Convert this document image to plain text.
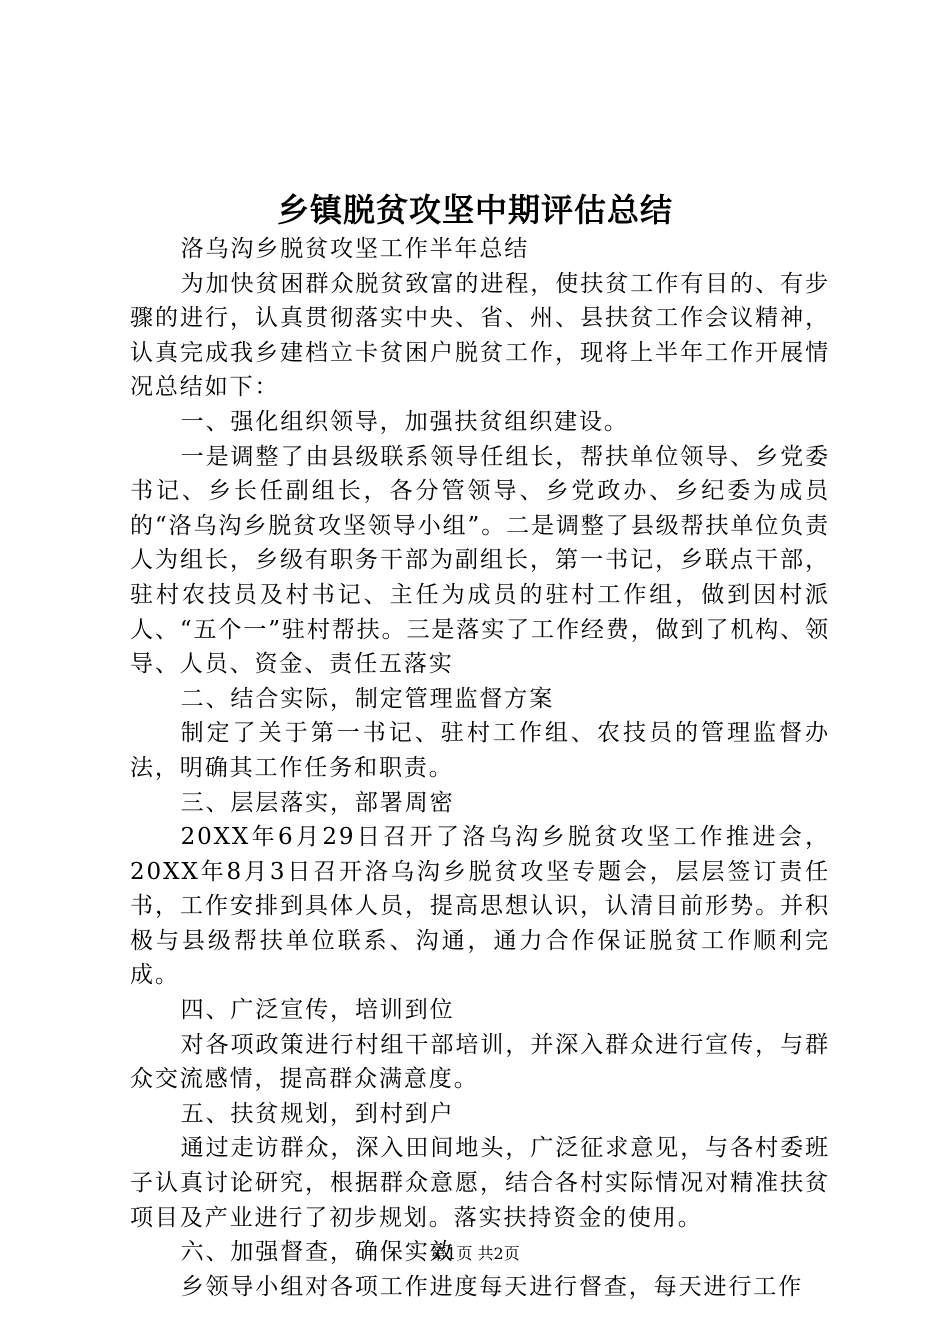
乡镇脱贫攻坚中期评估总结

洛乌沟乡脱贫攻坚工作半年总结

为加快贫困群众脱贫致富的进程，使扶贫工作有目的、有步骤的进行，认真贯彻落实中央、省、州、县扶贫工作会议精神，认真完成我乡建档立卡贫困户脱贫工作，现将上半年工作开展情况总结如下：

一、强化组织领导，加强扶贫组织建设。

一是调整了由县级联系领导任组长，帮扶单位领导、乡党委书记、乡长任副组长，各分管领导、乡党政办、乡纪委为成员的“洛乌沟乡脱贫攻坚领导小组”。二是调整了县级帮扶单位负责人为组长，乡级有职务干部为副组长，第一书记，乡联点干部，驻村农技员及村书记、主任为成员的驻村工作组，做到因村派人、“五个一”驻村帮扶。三是落实了工作经费，做到了机构、领导、人员、资金、责任五落实

二、结合实际，制定管理监督方案

制定了关于第一书记、驻村工作组、农技员的管理监督办法，明确其工作任务和职责。

三、层层落实，部署周密

20XX年6月29日召开了洛乌沟乡脱贫攻坚工作推进会，20XX年8月3日召开洛乌沟乡脱贫攻坚专题会，层层签订责任书，工作安排到具体人员，提高思想认识，认清目前形势。并积极与县级帮扶单位联系、沟通，通力合作保证脱贫工作顺利完成。

四、广泛宣传，培训到位

对各项政策进行村组干部培训，并深入群众进行宣传，与群众交流感情，提高群众满意度。

五、扶贫规划，到村到户

通过走访群众，深入田间地头，广泛征求意见，与各村委班子认真讨论研究，根据群众意愿，结合各村实际情况对精准扶贫项目及产业进行了初步规划。落实扶持资金的使用。

六、加强督查，确保实效

乡领导小组对各项工作进度每天进行督查，每天进行工作

第1页 共2页
